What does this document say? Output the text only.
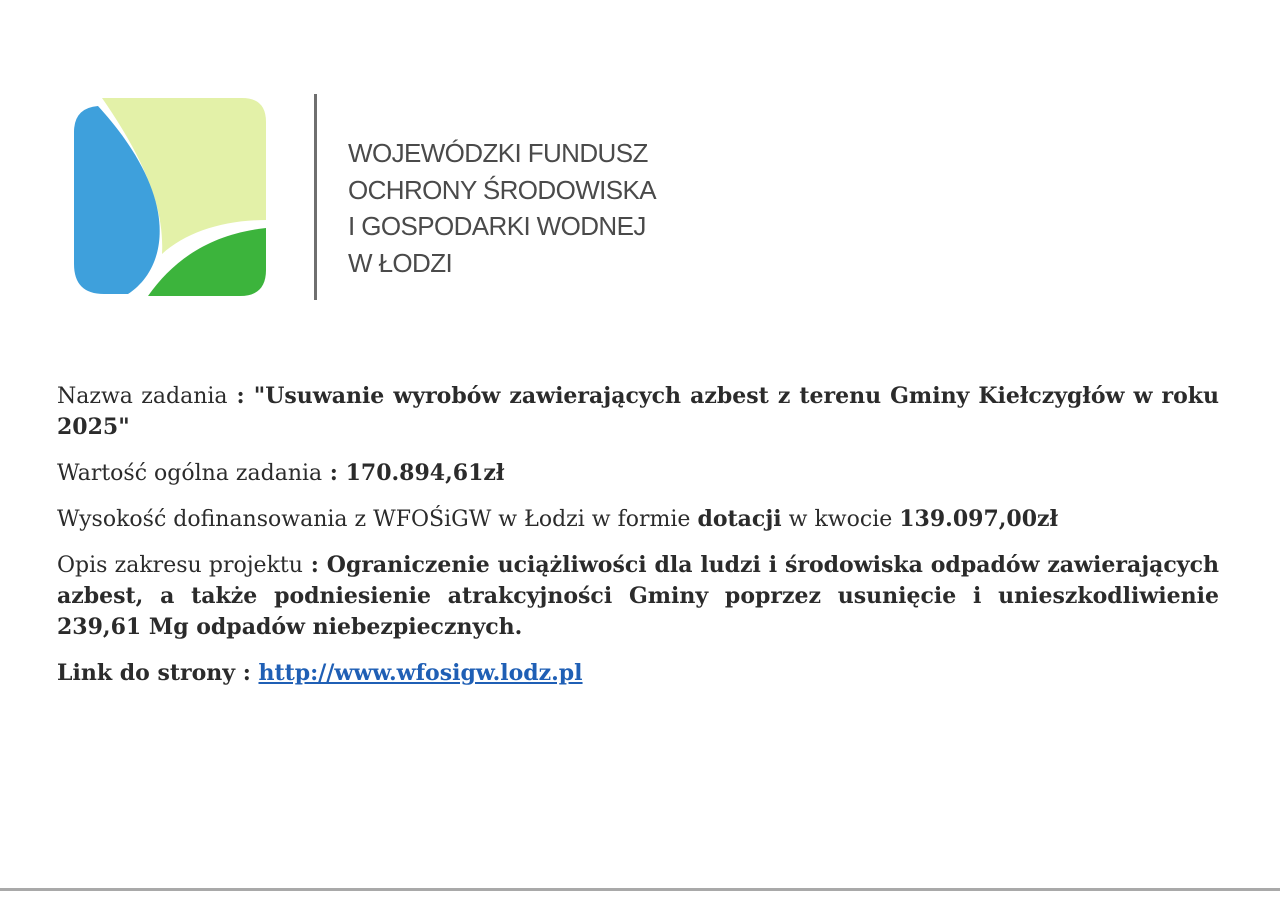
WOJEWÓDZKI FUNDUSZ
OCHRONY ŚRODOWISKA
I GOSPODARKI WODNEJ
W ŁODZI

Nazwa zadania : "Usuwanie wyrobów zawierających azbest z terenu Gminy Kiełczygłów w roku 2025"

Wartość ogólna zadania : 170.894,61zł

Wysokość dofinansowania z WFOŚiGW w Łodzi w formie dotacji w kwocie 139.097,00zł

Opis zakresu projektu : Ograniczenie uciążliwości dla ludzi i środowiska odpadów zawierających azbest, a także podniesienie atrakcyjności Gminy poprzez usunięcie i unieszkodliwienie 239,61 Mg odpadów niebezpiecznych.

Link do strony : http://www.wfosigw.lodz.pl
